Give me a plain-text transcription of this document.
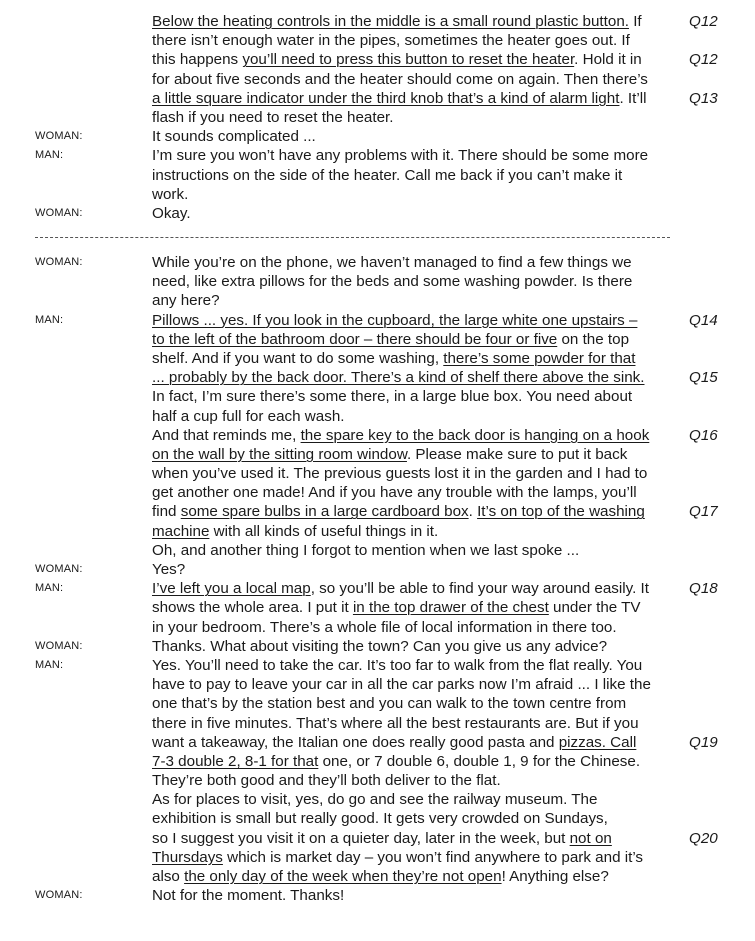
Below the heating controls in the middle is a small round plastic button. If	Q12
there isn’t enough water in the pipes, sometimes the heater goes out. If
this happens you’ll need to press this button to reset the heater. Hold it in	Q12
for about five seconds and the heater should come on again. Then there’s
a little square indicator under the third knob that’s a kind of alarm light. It’ll	Q13
flash if you need to reset the heater.
WOMAN:	It sounds complicated ...
MAN:	I’m sure you won’t have any problems with it. There should be some more
instructions on the side of the heater. Call me back if you can’t make it
work.
WOMAN:	Okay.
WOMAN:	While you’re on the phone, we haven’t managed to find a few things we
need, like extra pillows for the beds and some washing powder. Is there
any here?
MAN:	Pillows ... yes. If you look in the cupboard, the large white one upstairs –	Q14
to the left of the bathroom door – there should be four or five on the top
shelf. And if you want to do some washing, there’s some powder for that
... probably by the back door. There’s a kind of shelf there above the sink.	Q15
In fact, I’m sure there’s some there, in a large blue box. You need about
half a cup full for each wash.
And that reminds me, the spare key to the back door is hanging on a hook	Q16
on the wall by the sitting room window. Please make sure to put it back
when you’ve used it. The previous guests lost it in the garden and I had to
get another one made! And if you have any trouble with the lamps, you’ll
find some spare bulbs in a large cardboard box. It’s on top of the washing	Q17
machine with all kinds of useful things in it.
Oh, and another thing I forgot to mention when we last spoke ...
WOMAN:	Yes?
MAN:	I’ve left you a local map, so you’ll be able to find your way around easily. It	Q18
shows the whole area. I put it in the top drawer of the chest under the TV
in your bedroom. There’s a whole file of local information in there too.
WOMAN:	Thanks. What about visiting the town? Can you give us any advice?
MAN:	Yes. You’ll need to take the car. It’s too far to walk from the flat really. You
have to pay to leave your car in all the car parks now I’m afraid ... I like the
one that’s by the station best and you can walk to the town centre from
there in five minutes. That’s where all the best restaurants are. But if you
want a takeaway, the Italian one does really good pasta and pizzas. Call	Q19
7-3 double 2, 8-1 for that one, or 7 double 6, double 1, 9 for the Chinese.
They’re both good and they’ll both deliver to the flat.
As for places to visit, yes, do go and see the railway museum. The
exhibition is small but really good. It gets very crowded on Sundays,
so I suggest you visit it on a quieter day, later in the week, but not on	Q20
Thursdays which is market day – you won’t find anywhere to park and it’s
also the only day of the week when they’re not open! Anything else?
WOMAN:	Not for the moment. Thanks!
